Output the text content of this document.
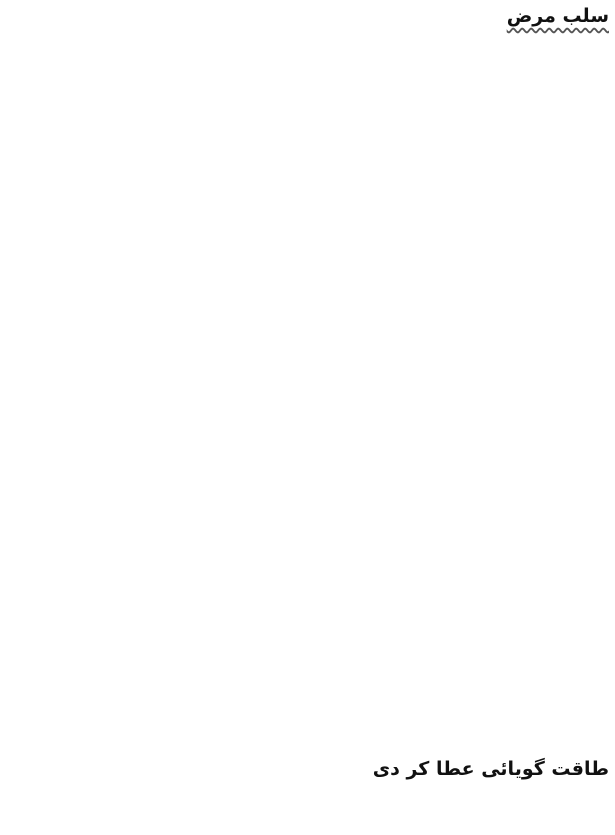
سلب مرض
طاقت گویائی عطا کر دی
